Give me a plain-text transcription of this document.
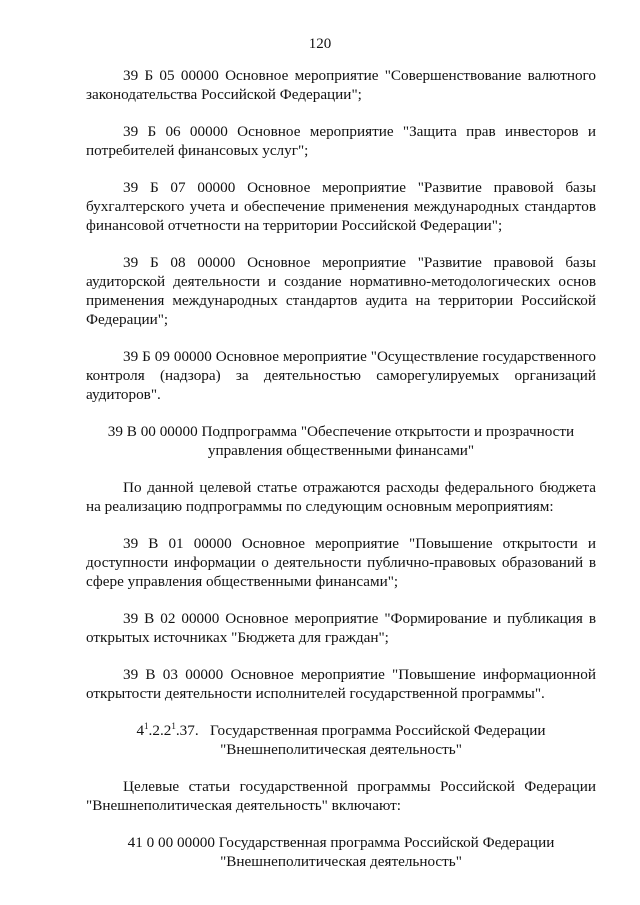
120

39 Б 05 00000 Основное мероприятие "Совершенствование валютного законодательства Российской Федерации";

39 Б 06 00000 Основное мероприятие "Защита прав инвесторов и потребителей финансовых услуг";

39 Б 07 00000 Основное мероприятие "Развитие правовой базы бухгалтерского учета и обеспечение применения международных стандартов финансовой отчетности на территории Российской Федерации";

39 Б 08 00000 Основное мероприятие "Развитие правовой базы аудиторской деятельности и создание нормативно-методологических основ применения международных стандартов аудита на территории Российской Федерации";

39 Б 09 00000 Основное мероприятие "Осуществление государственного контроля (надзора) за деятельностью саморегулируемых организаций аудиторов".

39 В 00 00000 Подпрограмма "Обеспечение открытости и прозрачности
управления общественными финансами"

По данной целевой статье отражаются расходы федерального бюджета на реализацию подпрограммы по следующим основным мероприятиям:

39 В 01 00000 Основное мероприятие "Повышение открытости и доступности информации о деятельности публично-правовых образований в сфере управления общественными финансами";

39 В 02 00000 Основное мероприятие "Формирование и публикация в открытых источниках "Бюджета для граждан";

39 В 03 00000 Основное мероприятие "Повышение информационной открытости деятельности исполнителей государственной программы".

$4^1.2.2^1.37$. Государственная программа Российской Федерации
"Внешнеполитическая деятельность"

Целевые статьи государственной программы Российской Федерации "Внешнеполитическая деятельность" включают:

41 0 00 00000 Государственная программа Российской Федерации
"Внешнеполитическая деятельность"
